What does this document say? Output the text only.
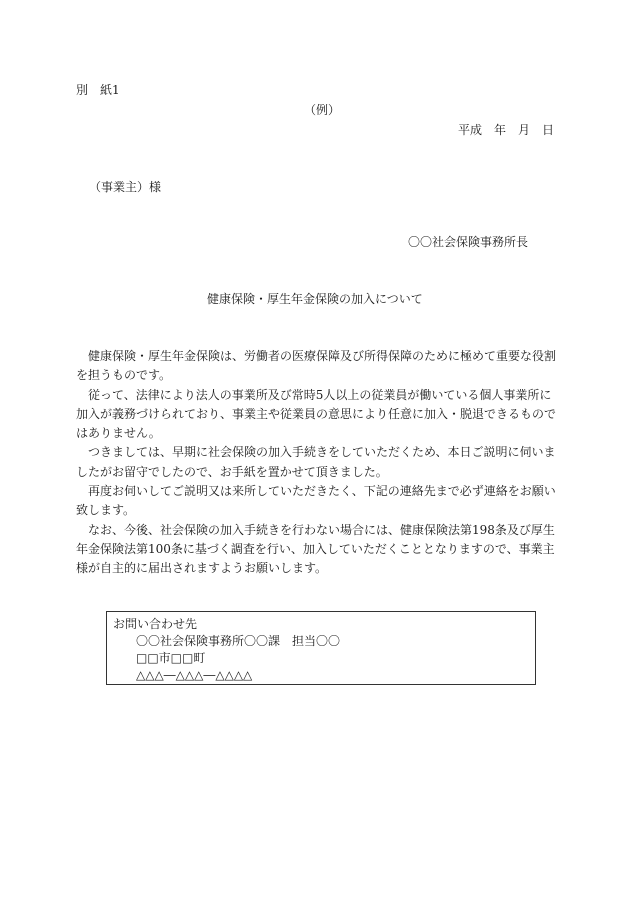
別　紙1
（例）
平成　年　月　日
（事業主）様
〇〇社会保険事務所長
健康保険・厚生年金保険の加入について

健康保険・厚生年金保険は、労働者の医療保障及び所得保障のために極めて重要な役割を担うものです。

従って、法律により法人の事業所及び常時5人以上の従業員が働いている個人事業所に加入が義務づけられており、事業主や従業員の意思により任意に加入・脱退できるものではありません。

つきましては、早期に社会保険の加入手続きをしていただくため、本日ご説明に伺いましたがお留守でしたので、お手紙を置かせて頂きました。

再度お伺いしてご説明又は来所していただきたく、下記の連絡先まで必ず連絡をお願い致します。

なお、今後、社会保険の加入手続きを行わない場合には、健康保険法第198条及び厚生年金保険法第100条に基づく調査を行い、加入していただくこととなりますので、事業主様が自主的に届出されますようお願いします。

お問い合わせ先
〇〇社会保険事務所〇〇課　担当〇〇
□□市□□町
△△△―△△△―△△△△
